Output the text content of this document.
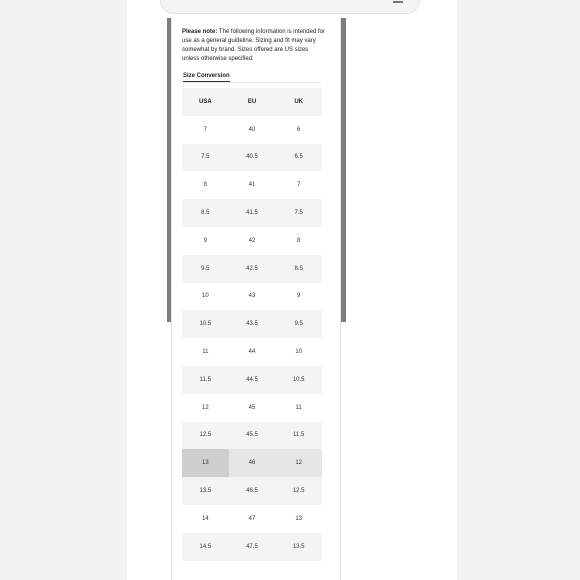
Please note: The following information is intended for use as a general guideline. Sizing and fit may vary somewhat by brand. Sizes offered are US sizes unless otherwise specified.

Size Conversion
USA	EU	UK
7	40	6
7.5	40.5	6.5
8	41	7
8.5	41.5	7.5
9	42	8
9.5	42.5	8.5
10	43	9
10.5	43.5	9.5
11	44	10
11.5	44.5	10.5
12	45	11
12.5	45.5	11.5
13	46	12
13.5	46.5	12.5
14	47	13
14.5	47.5	13.5
